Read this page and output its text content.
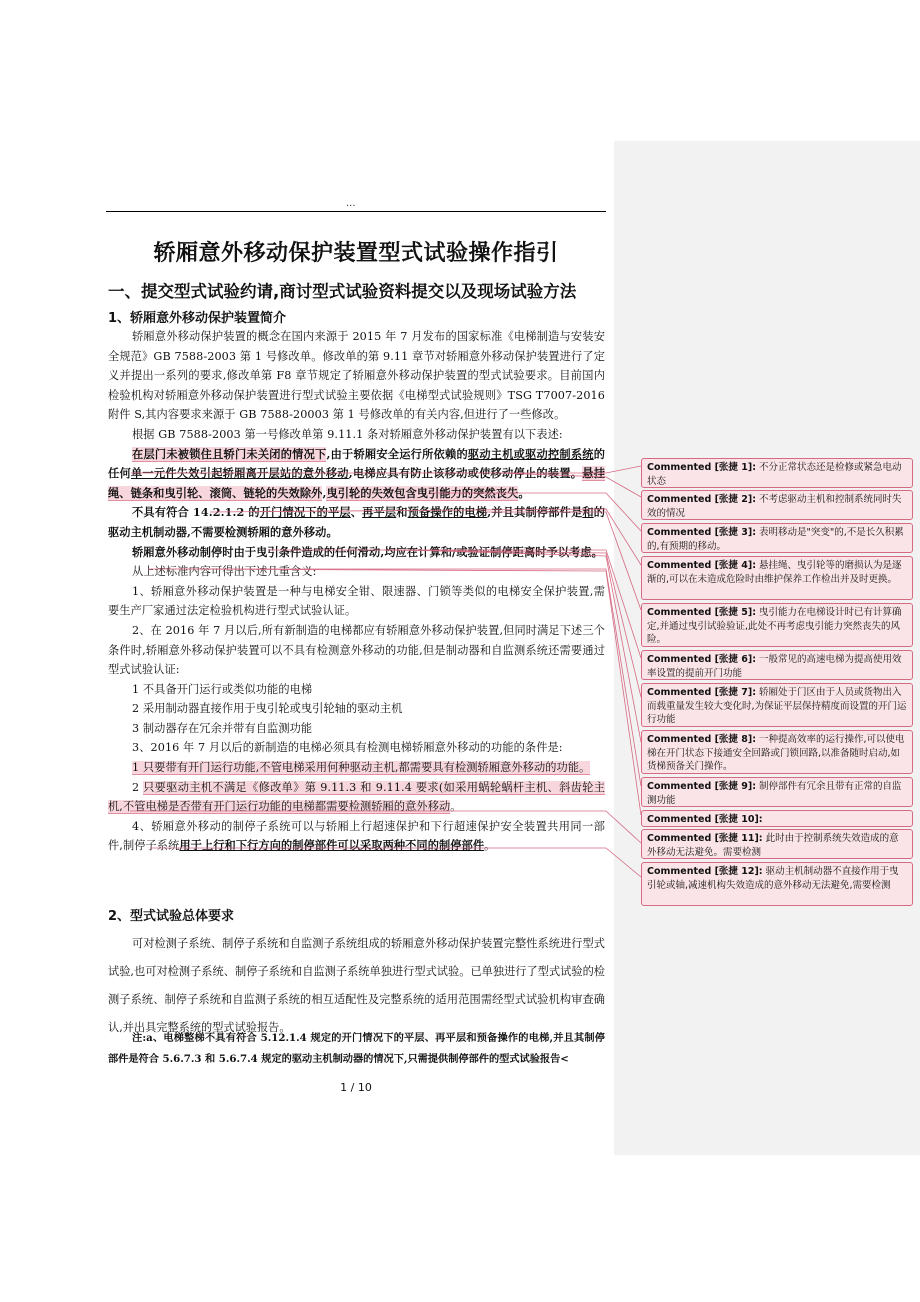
...
轿厢意外移动保护装置型式试验操作指引
一、提交型式试验约请,商讨型式试验资料提交以及现场试验方法
1、轿厢意外移动保护装置简介

轿厢意外移动保护装置的概念在国内来源于 2015 年 7 月发布的国家标准《电梯制造与安装安全规范》GB 7588-2003 第 1 号修改单。修改单的第 9.11 章节对轿厢意外移动保护装置进行了定义并提出一系列的要求,修改单第 F8 章节规定了轿厢意外移动保护装置的型式试验要求。目前国内检验机构对轿厢意外移动保护装置进行型式试验主要依据《电梯型式试验规则》TSG T7007-2016 附件 S,其内容要求来源于 GB 7588-20003 第 1 号修改单的有关内容,但进行了一些修改。

根据 GB 7588-2003 第一号修改单第 9.11.1 条对轿厢意外移动保护装置有以下表述:

在层门未被锁住且轿门未关闭的情况下,由于轿厢安全运行所依赖的驱动主机或驱动控制系统的任何单一元件失效引起轿厢离开层站的意外移动,电梯应具有防止该移动或使移动停止的装置。悬挂绳、链条和曳引轮、滚筒、链轮的失效除外,曳引轮的失效包含曳引能力的突然丧失。

不具有符合 14.2.1.2 的开门情况下的平层、再平层和预备操作的电梯,并且其制停部件是和的驱动主机制动器,不需要检测轿厢的意外移动。

轿厢意外移动制停时由于曳引条件造成的任何滑动,均应在计算和/或验证制停距离时予以考虑。

从上述标准内容可得出下述几重含义:

1、轿厢意外移动保护装置是一种与电梯安全钳、限速器、门锁等类似的电梯安全保护装置,需要生产厂家通过法定检验机构进行型式试验认证。

2、在 2016 年 7 月以后,所有新制造的电梯都应有轿厢意外移动保护装置,但同时满足下述三个条件时,轿厢意外移动保护装置可以不具有检测意外移动的功能,但是制动器和自监测系统还需要通过型式试验认证:

1 不具备开门运行或类似功能的电梯

2 采用制动器直接作用于曳引轮或曳引轮轴的驱动主机

3 制动器存在冗余并带有自监测功能

3、2016 年 7 月以后的新制造的电梯必须具有检测电梯轿厢意外移动的功能的条件是:

1 只要带有开门运行功能,不管电梯采用何种驱动主机,都需要具有检测轿厢意外移动的功能。

2 只要驱动主机不满足《修改单》第 9.11.3 和 9.11.4 要求(如采用蜗轮蜗杆主机、斜齿轮主机,不管电梯是否带有开门运行功能的电梯都需要检测轿厢的意外移动。

4、轿厢意外移动的制停子系统可以与轿厢上行超速保护和下行超速保护安全装置共用同一部件,制停子系统用于上行和下行方向的制停部件可以采取两种不同的制停部件。

2、型式试验总体要求

可对检测子系统、制停子系统和自监测子系统组成的轿厢意外移动保护装置完整性系统进行型式试验,也可对检测子系统、制停子系统和自监测子系统单独进行型式试验。已单独进行了型式试验的检测子系统、制停子系统和自监测子系统的相互适配性及完整系统的适用范围需经型式试验机构审查确认,并出具完整系统的型式试验报告。

注:a、电梯整梯不具有符合 5.12.1.4 规定的开门情况下的平层、再平层和预备操作的电梯,并且其制停部件是符合 5.6.7.3 和 5.6.7.4 规定的驱动主机制动器的情况下,只需提供制停部件的型式试验报告<

1 / 10
Commented [张捷 1]: 不分正常状态还是检修或紧急电动状态
Commented [张捷 2]: 不考虑驱动主机和控制系统同时失效的情况
Commented [张捷 3]: 表明移动是"突变"的,不是长久积累的,有预期的移动。
Commented [张捷 4]: 悬挂绳、曳引轮等的磨损认为是逐渐的,可以在未造成危险时由维护保养工作检出并及时更换。
Commented [张捷 5]: 曳引能力在电梯设计时已有计算确定,并通过曳引试验验证,此处不再考虑曳引能力突然丧失的风险。
Commented [张捷 6]: 一般常见的高速电梯为提高使用效率设置的提前开门功能
Commented [张捷 7]: 轿厢处于门区由于人员或货物出入而载重量发生较大变化时,为保证平层保持精度而设置的开门运行功能
Commented [张捷 8]: 一种提高效率的运行操作,可以使电梯在开门状态下接通安全回路或门锁回路,以准备随时启动,如货梯预备关门操作。
Commented [张捷 9]: 制停部件有冗余且带有正常的自监测功能
Commented [张捷 10]:
Commented [张捷 11]: 此时由于控制系统失效造成的意外移动无法避免。需要检测
Commented [张捷 12]: 驱动主机制动器不直接作用于曳引轮或轴,减速机构失效造成的意外移动无法避免,需要检测
